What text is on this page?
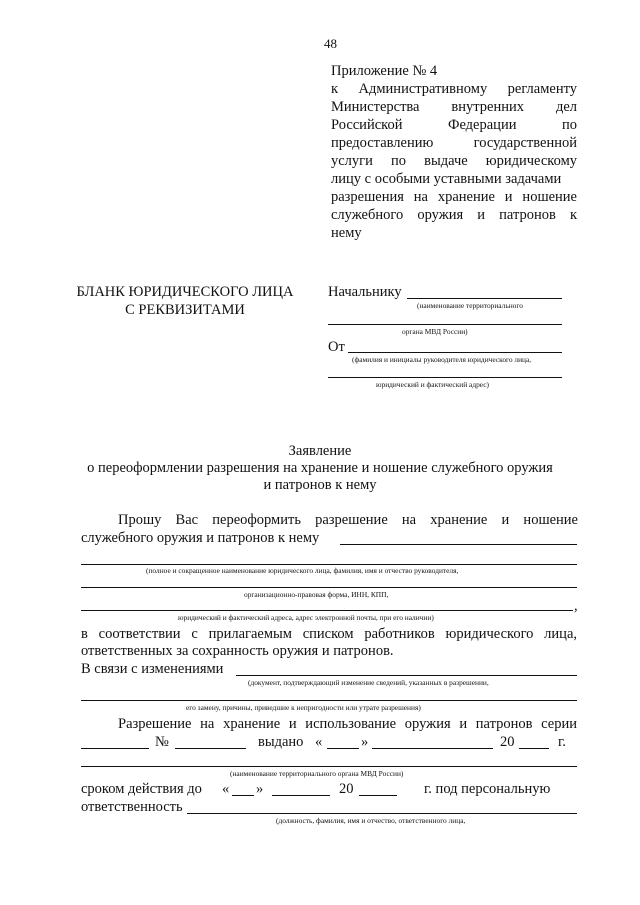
48
Приложение № 4
к Административному регламенту
Министерства внутренних дел
Российской Федерации по
предоставлению государственной
услуги по выдаче юридическому
лицу с особыми уставными задачами
разрешения на хранение и ношение
служебного оружия и патронов к
нему
БЛАНК ЮРИДИЧЕСКОГО ЛИЦА
С РЕКВИЗИТАМИ
Начальнику
(наименование территориального
органа МВД России)
От
(фамилия и инициалы руководителя юридического лица,
юридический и фактический адрес)
Заявление
о переоформлении разрешения на хранение и ношение служебного оружия
и патронов к нему
Прошу Вас переоформить разрешение на хранение и ношение
служебного оружия и патронов к нему
(полное и сокращенное наименование юридического лица, фамилия, имя и отчество руководителя,
организационно-правовая форма, ИНН, КПП,
,
юридический и фактический адреса, адрес электронной почты, при его наличии)
в соответствии с прилагаемым списком работников юридического лица,
ответственных за сохранность оружия и патронов.
В связи с изменениями
(документ, подтверждающий изменение сведений, указанных в разрешении,
его замену, причины, приведшие к непригодности или утрате разрешения)
Разрешение на хранение и использование оружия и патронов серии
№	выдано «	»	20	г.
(наименование территориального органа МВД России)
сроком действия до « »	20	г. под персональную
ответственность
(должность, фамилия, имя и отчество, ответственного лица,
